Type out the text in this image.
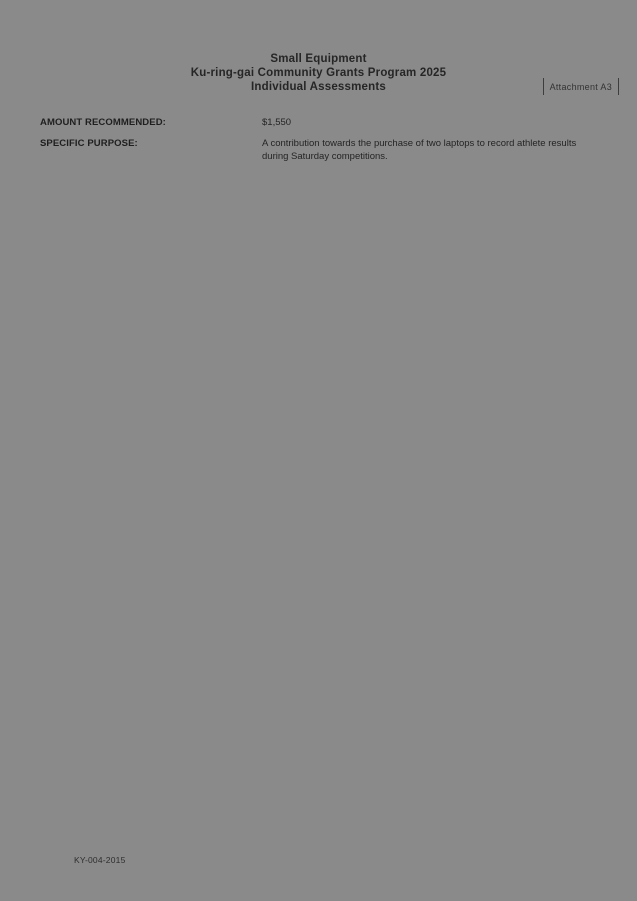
Small Equipment
Ku-ring-gai Community Grants Program 2025
Individual Assessments	Attachment A3
AMOUNT RECOMMENDED:	$1,550
SPECIFIC PURPOSE:	A contribution towards the purchase of two laptops to record athlete results during Saturday competitions.
KY-004-2015
